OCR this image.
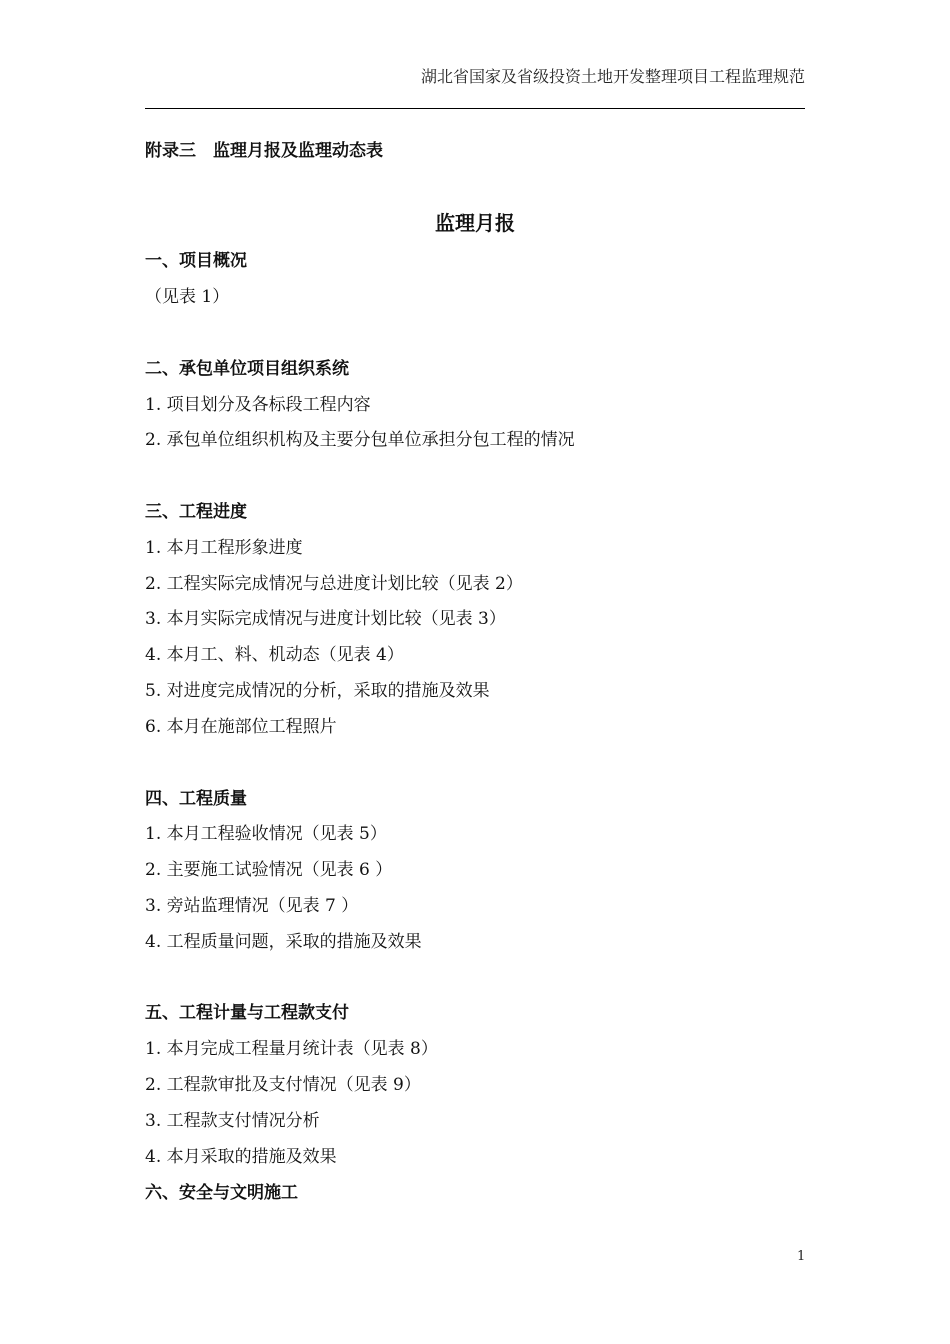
湖北省国家及省级投资土地开发整理项目工程监理规范
附录三　监理月报及监理动态表
监理月报
一、项目概况
（见表 1）
二、承包单位项目组织系统
1. 项目划分及各标段工程内容
2. 承包单位组织机构及主要分包单位承担分包工程的情况
三、工程进度
1. 本月工程形象进度
2. 工程实际完成情况与总进度计划比较（见表 2）
3. 本月实际完成情况与进度计划比较（见表 3）
4. 本月工、料、机动态（见表 4）
5. 对进度完成情况的分析，采取的措施及效果
6. 本月在施部位工程照片
四、工程质量
1. 本月工程验收情况（见表 5）
2. 主要施工试验情况（见表 6 ）
3. 旁站监理情况（见表 7 ）
4. 工程质量问题，采取的措施及效果
五、工程计量与工程款支付
1. 本月完成工程量月统计表（见表 8）
2. 工程款审批及支付情况（见表 9）
3. 工程款支付情况分析
4. 本月采取的措施及效果
六、安全与文明施工
1
